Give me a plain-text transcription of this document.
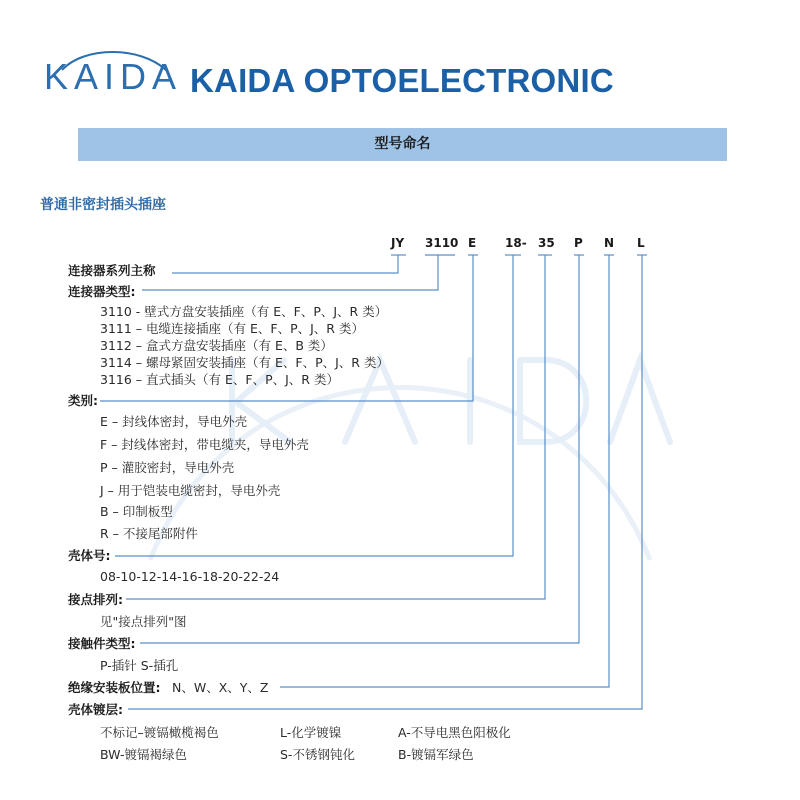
KAIDA KAIDA OPTOELECTRONIC
型号命名
普通非密封插头插座
JY 3110 E 18- 35 P N L
连接器系列主称
连接器类型:
3110 - 壁式方盘安装插座（有 E、F、P、J、R 类）
3111 – 电缆连接插座（有 E、F、P、J、R 类）
3112 – 盒式方盘安装插座（有 E、B 类）
3114 – 螺母紧固安装插座（有 E、F、P、J、R 类）
3116 – 直式插头（有 E、F、P、J、R 类）
类别:
E – 封线体密封，导电外壳
F – 封线体密封，带电缆夹，导电外壳
P – 灌胶密封，导电外壳
J – 用于铠装电缆密封，导电外壳
B – 印制板型
R – 不接尾部附件
壳体号:
08-10-12-14-16-18-20-22-24
接点排列:
见"接点排列"图
接触件类型:
P-插针 S-插孔
绝缘安装板位置: N、W、X、Y、Z
壳体镀层:
不标记–镀镉橄榄褐色	L-化学镀镍	A-不导电黑色阳极化
BW-镀镉褐绿色	S-不锈钢钝化	B-镀镉军绿色
